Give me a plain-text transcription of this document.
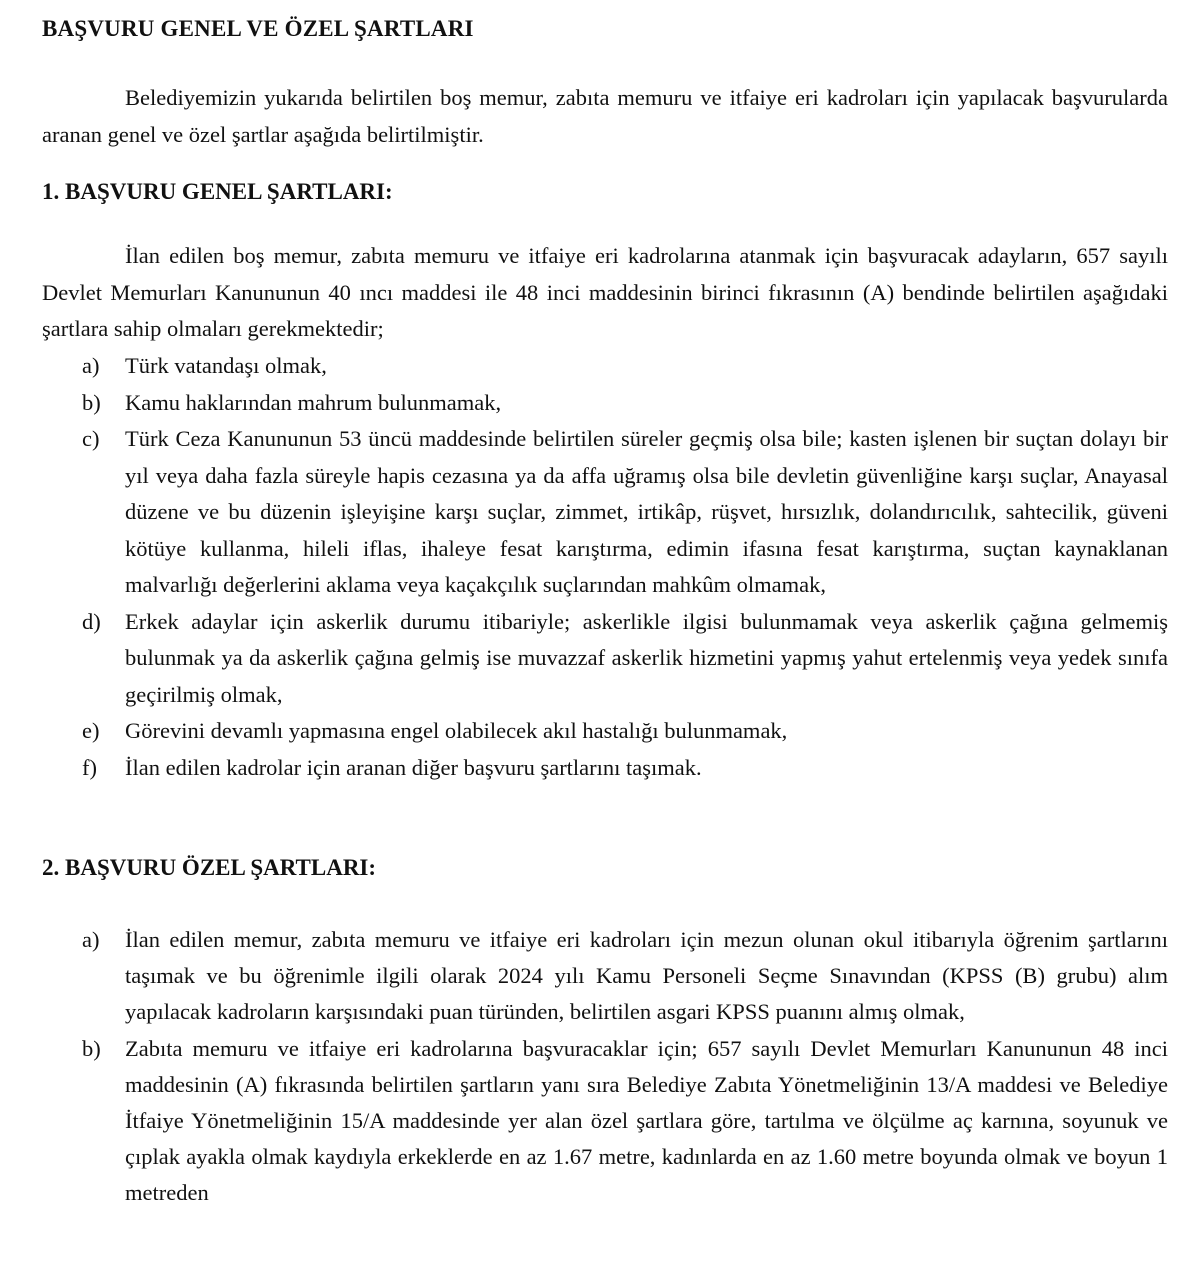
BAŞVURU GENEL VE ÖZEL ŞARTLARI

Belediyemizin yukarıda belirtilen boş memur, zabıta memuru ve itfaiye eri kadroları için yapılacak başvurularda aranan genel ve özel şartlar aşağıda belirtilmiştir.

1. BAŞVURU GENEL ŞARTLARI:

İlan edilen boş memur, zabıta memuru ve itfaiye eri kadrolarına atanmak için başvuracak adayların, 657 sayılı Devlet Memurları Kanununun 40 ıncı maddesi ile 48 inci maddesinin birinci fıkrasının (A) bendinde belirtilen aşağıdaki şartlara sahip olmaları gerekmektedir;

a)	Türk vatandaşı olmak,
b)	Kamu haklarından mahrum bulunmamak,
c)	Türk Ceza Kanununun 53 üncü maddesinde belirtilen süreler geçmiş olsa bile; kasten işlenen bir suçtan dolayı bir yıl veya daha fazla süreyle hapis cezasına ya da affa uğramış olsa bile devletin güvenliğine karşı suçlar, Anayasal düzene ve bu düzenin işleyişine karşı suçlar, zimmet, irtikâp, rüşvet, hırsızlık, dolandırıcılık, sahtecilik, güveni kötüye kullanma, hileli iflas, ihaleye fesat karıştırma, edimin ifasına fesat karıştırma, suçtan kaynaklanan malvarlığı değerlerini aklama veya kaçakçılık suçlarından mahkûm olmamak,
d)	Erkek adaylar için askerlik durumu itibariyle; askerlikle ilgisi bulunmamak veya askerlik çağına gelmemiş bulunmak ya da askerlik çağına gelmiş ise muvazzaf askerlik hizmetini yapmış yahut ertelenmiş veya yedek sınıfa geçirilmiş olmak,
e)	Görevini devamlı yapmasına engel olabilecek akıl hastalığı bulunmamak,
f)	İlan edilen kadrolar için aranan diğer başvuru şartlarını taşımak.
2. BAŞVURU ÖZEL ŞARTLARI:
a)	İlan edilen memur, zabıta memuru ve itfaiye eri kadroları için mezun olunan okul itibarıyla öğrenim şartlarını taşımak ve bu öğrenimle ilgili olarak 2024 yılı Kamu Personeli Seçme Sınavından (KPSS (B) grubu) alım yapılacak kadroların karşısındaki puan türünden, belirtilen asgari KPSS puanını almış olmak,
b)	Zabıta memuru ve itfaiye eri kadrolarına başvuracaklar için; 657 sayılı Devlet Memurları Kanununun 48 inci maddesinin (A) fıkrasında belirtilen şartların yanı sıra Belediye Zabıta Yönetmeliğinin 13/A maddesi ve Belediye İtfaiye Yönetmeliğinin 15/A maddesinde yer alan özel şartlara göre, tartılma ve ölçülme aç karnına, soyunuk ve çıplak ayakla olmak kaydıyla erkeklerde en az 1.67 metre, kadınlarda en az 1.60 metre boyunda olmak ve boyun 1 metreden
